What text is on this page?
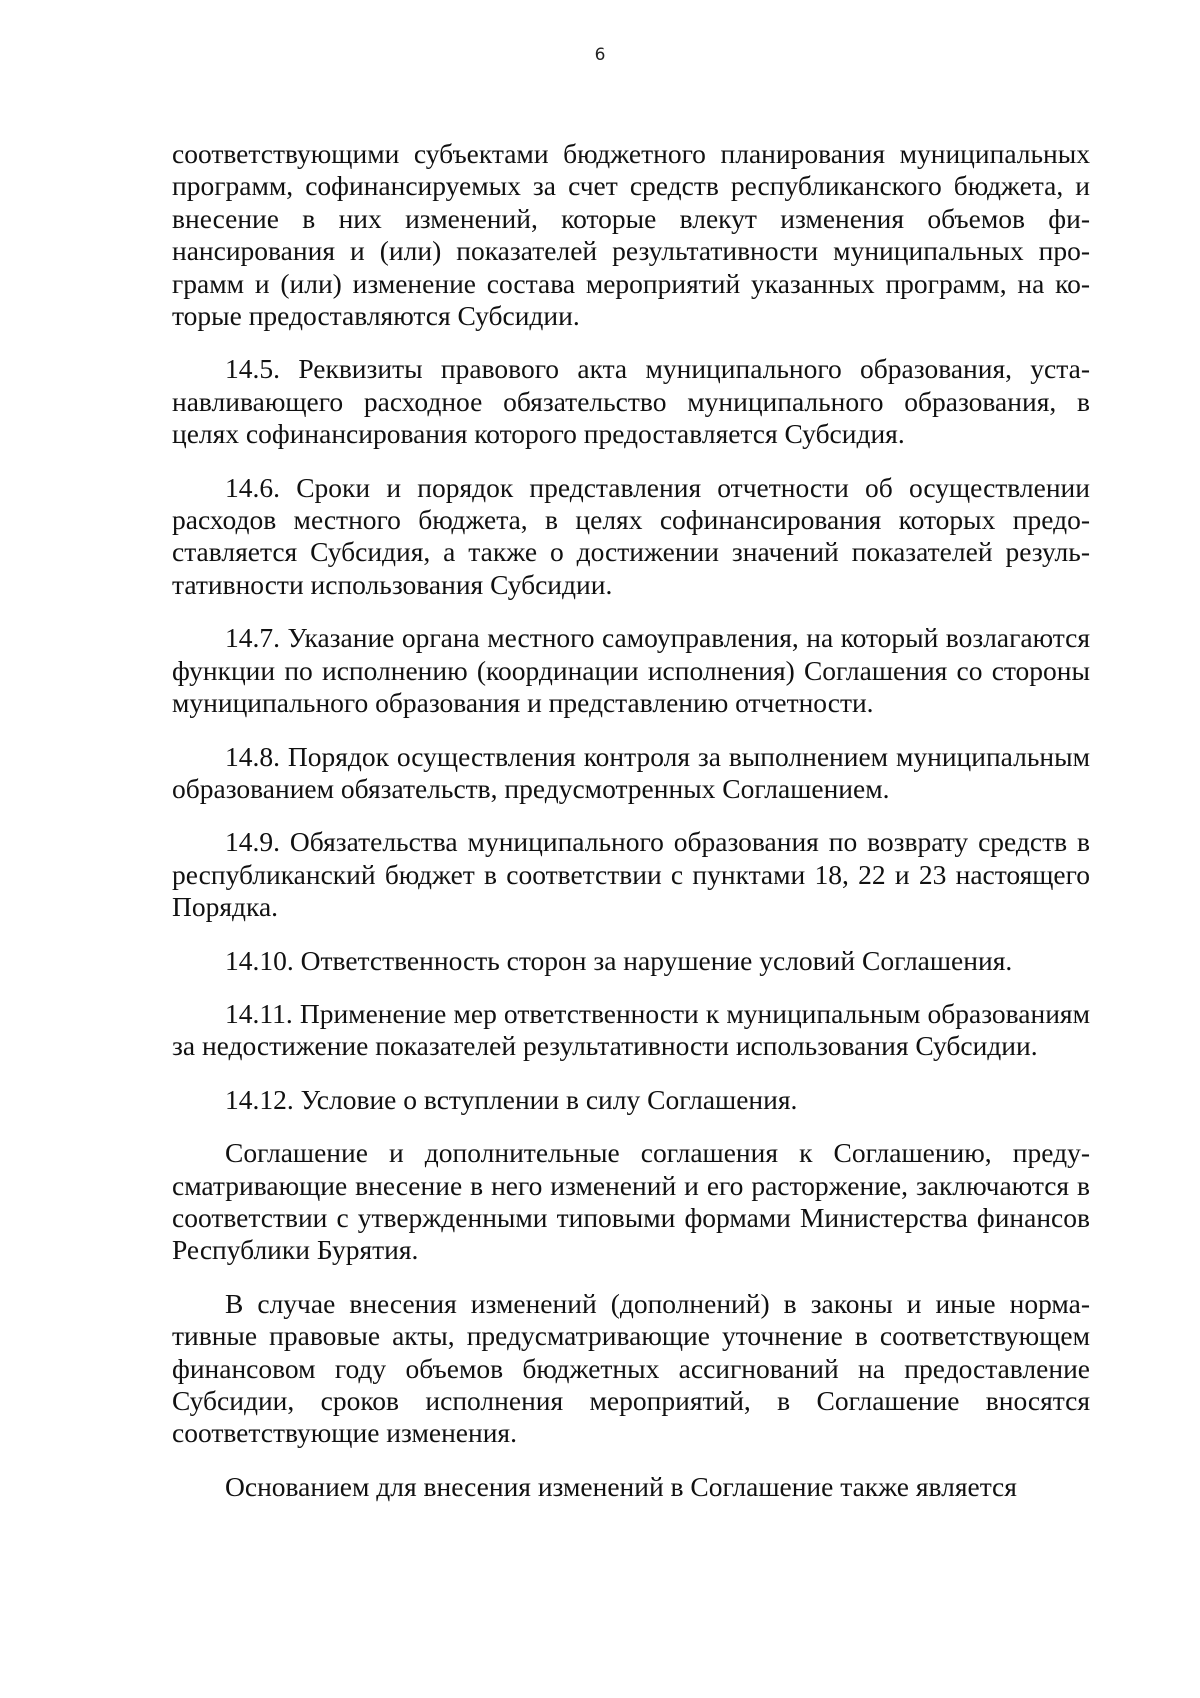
6

соответствующими субъектами бюджетного планирования муниципальных программ, софинансируемых за счет средств республиканского бюджета, и внесение в них изменений, которые влекут изменения объемов финансирования и (или) показателей результативности муниципальных программ и (или) изменение состава мероприятий указанных программ, на которые предоставляются Субсидии.

14.5. Реквизиты правового акта муниципального образования, устанавливающего расходное обязательство муниципального образования, в целях софинансирования которого предоставляется Субсидия.

14.6. Сроки и порядок представления отчетности об осуществлении расходов местного бюджета, в целях софинансирования которых предоставляется Субсидия, а также о достижении значений показателей результативности использования Субсидии.

14.7. Указание органа местного самоуправления, на который возлагаются функции по исполнению (координации исполнения) Соглашения со стороны муниципального образования и представлению отчетности.

14.8. Порядок осуществления контроля за выполнением муниципальным образованием обязательств, предусмотренных Соглашением.

14.9. Обязательства муниципального образования по возврату средств в республиканский бюджет в соответствии с пунктами 18, 22 и 23 настоящего Порядка.

14.10. Ответственность сторон за нарушение условий Соглашения.

14.11. Применение мер ответственности к муниципальным образованиям за недостижение показателей результативности использования Субсидии.

14.12. Условие о вступлении в силу Соглашения.

Соглашение и дополнительные соглашения к Соглашению, предусматривающие внесение в него изменений и его расторжение, заключаются в соответствии с утвержденными типовыми формами Министерства финансов Республики Бурятия.

В случае внесения изменений (дополнений) в законы и иные нормативные правовые акты, предусматривающие уточнение в соответствующем финансовом году объемов бюджетных ассигнований на предоставление Субсидии, сроков исполнения мероприятий, в Соглашение вносятся соответствующие изменения.

Основанием для внесения изменений в Соглашение также является
